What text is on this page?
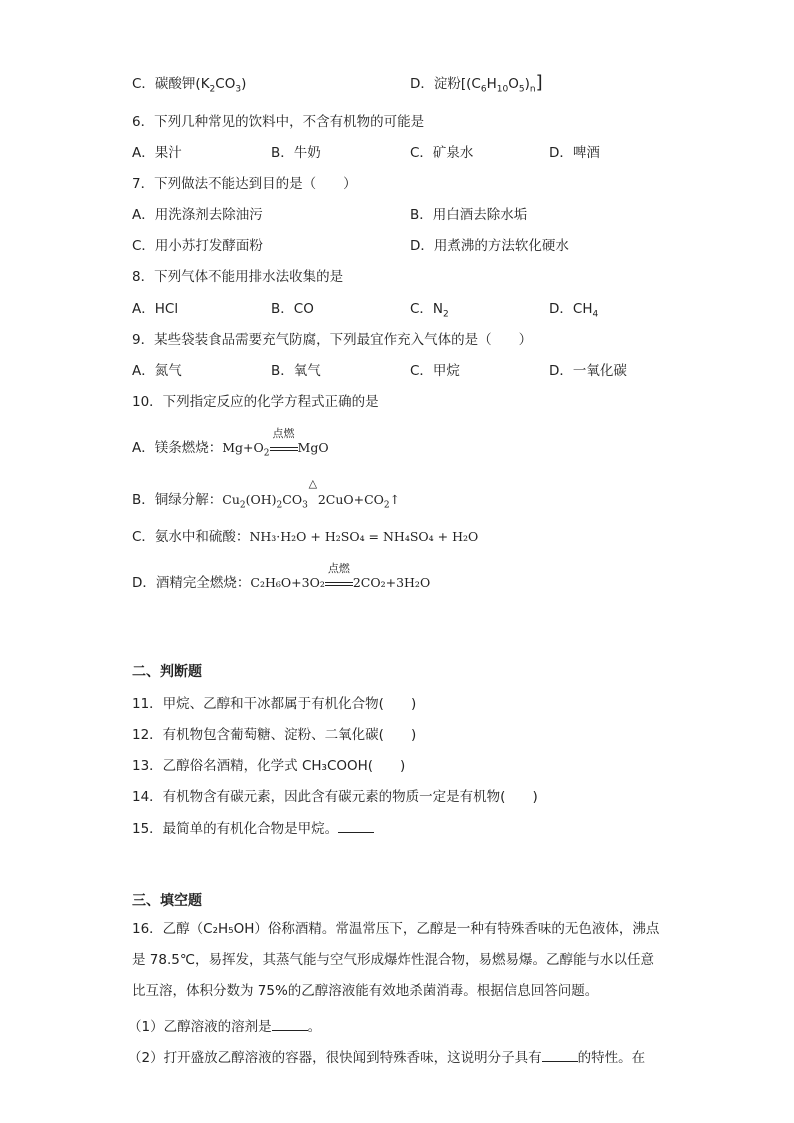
C．碳酸钾$(K_2CO_3)$	D．淀粉$[(C_6H_{10}O_5)_n]$
6．下列几种常见的饮料中，不含有机物的可能是
A．果汁	B．牛奶	C．矿泉水	D．啤酒
7．下列做法不能达到目的是（　　）
A．用洗涤剂去除油污	B．用白酒去除水垢
C．用小苏打发酵面粉	D．用煮沸的方法软化硬水
8．下列气体不能用排水法收集的是
A．HCl	B．CO	C．$N_2$	D．$CH_4$
9．某些袋装食品需要充气防腐，下列最宜作充入气体的是（　　）
A．氮气	B．氧气	C．甲烷	D．一氧化碳
10．下列指定反应的化学方程式正确的是
A．镁条燃烧：$Mg+O_2$
点燃
MgO
B．铜绿分解：$Cu_2(OH)_2CO_3$
△
$2CuO+CO_2↑$
C．氨水中和硫酸：NH₃·H₂O + H₂SO₄ = NH₄SO₄ + H₂O
D．酒精完全燃烧：C₂H₆O+3O₂
点燃
2CO₂+3H₂O
二、判断题
11．甲烷、乙醇和干冰都属于有机化合物(　　)
12．有机物包含葡萄糖、淀粉、二氧化碳(　　)
13．乙醇俗名酒精，化学式 CH₃COOH(　　)
14．有机物含有碳元素，因此含有碳元素的物质一定是有机物(　　)
15．最简单的有机化合物是甲烷。
三、填空题
16．乙醇（C₂H₅OH）俗称酒精。常温常压下，乙醇是一种有特殊香味的无色液体，沸点是 78.5℃，易挥发，其蒸气能与空气形成爆炸性混合物，易燃易爆。乙醇能与水以任意比互溶，体积分数为 75%的乙醇溶液能有效地杀菌消毒。根据信息回答问题。
（1）乙醇溶液的溶剂是	。
（2）打开盛放乙醇溶液的容器，很快闻到特殊香味，这说明分子具有	的特性。在
